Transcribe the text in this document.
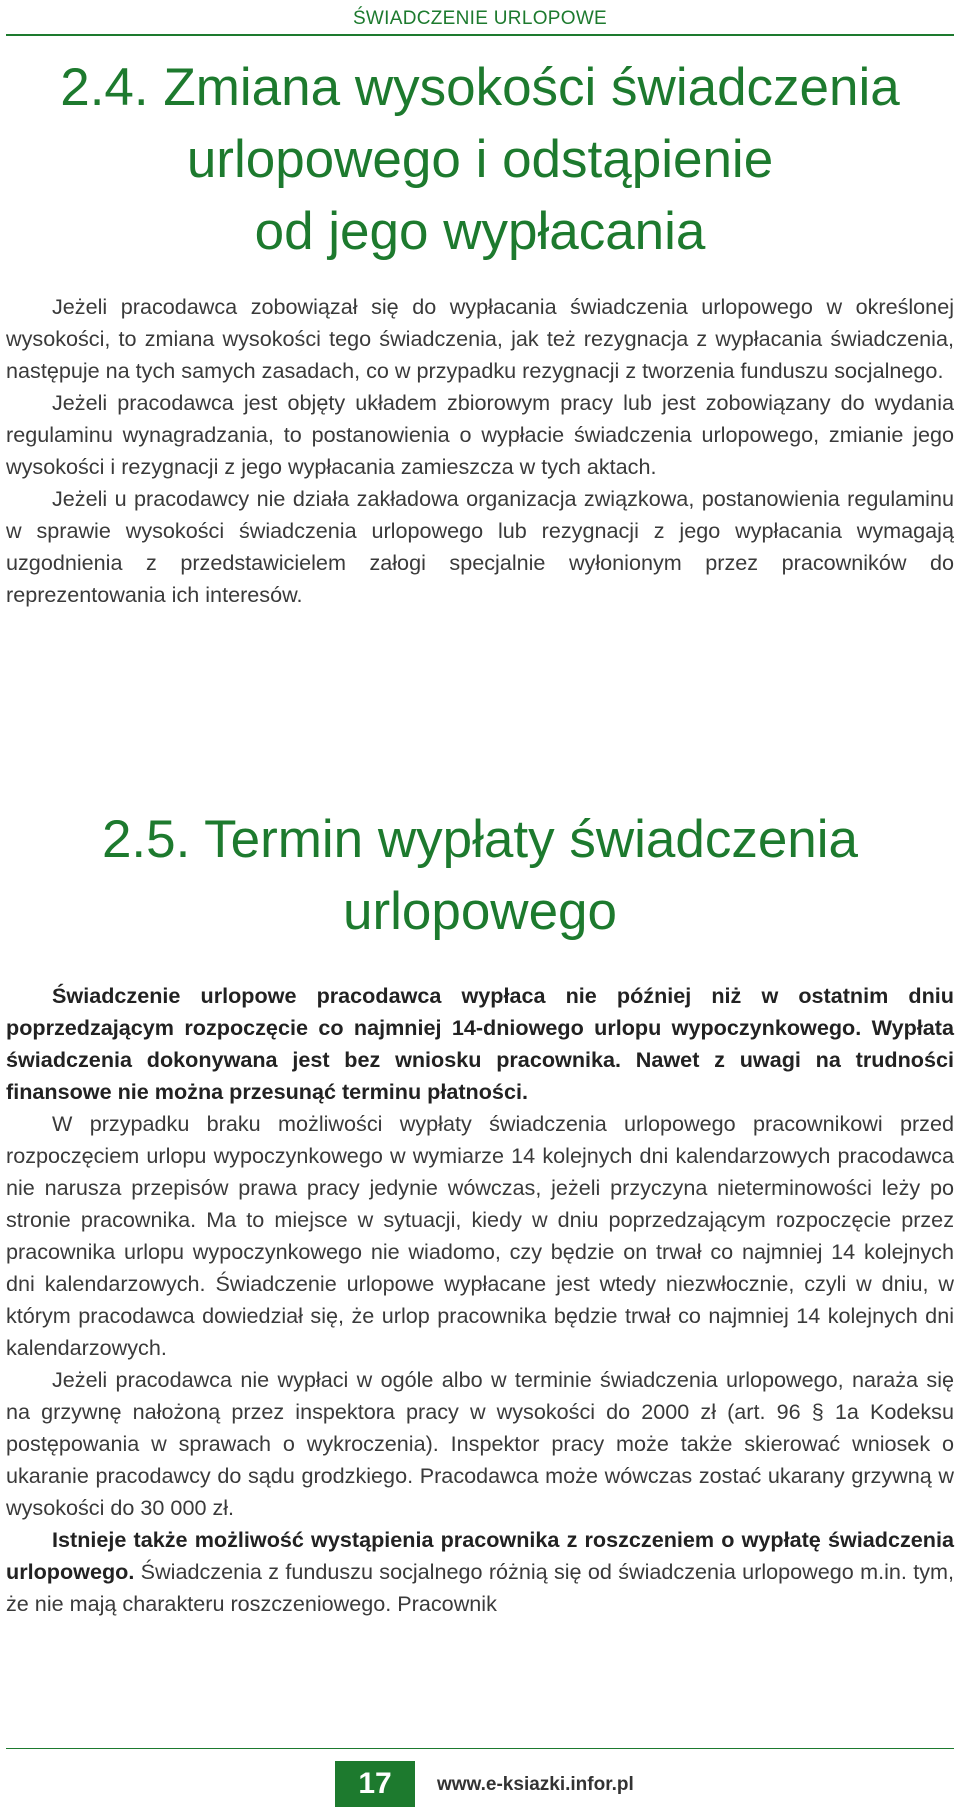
ŚWIADCZENIE URLOPOWE
2.4. Zmiana wysokości świadczenia
urlopowego i odstąpienie
od jego wypłacania

Jeżeli pracodawca zobowiązał się do wypłacania świadczenia urlopowego w określonej wysokości, to zmiana wysokości tego świadczenia, jak też rezygnacja z wypłacania świadczenia, następuje na tych samych zasadach, co w przypadku rezygnacji z tworzenia funduszu socjalnego.

Jeżeli pracodawca jest objęty układem zbiorowym pracy lub jest zobowiązany do wydania regulaminu wynagradzania, to postanowienia o wypłacie świadczenia urlopowego, zmianie jego wysokości i rezygnacji z jego wypłacania zamieszcza w tych aktach.

Jeżeli u pracodawcy nie działa zakładowa organizacja związkowa, postanowienia regulaminu w sprawie wysokości świadczenia urlopowego lub rezygnacji z jego wypłacania wymagają uzgodnienia z przedstawicielem załogi specjalnie wyłonionym przez pracowników do reprezentowania ich interesów.

2.5. Termin wypłaty świadczenia
urlopowego

Świadczenie urlopowe pracodawca wypłaca nie później niż w ostatnim dniu poprzedzającym rozpoczęcie co najmniej 14-dniowego urlopu wypoczynkowego. Wypłata świadczenia dokonywana jest bez wniosku pracownika. Nawet z uwagi na trudności finansowe nie można przesunąć terminu płatności.

W przypadku braku możliwości wypłaty świadczenia urlopowego pracownikowi przed rozpoczęciem urlopu wypoczynkowego w wymiarze 14 kolejnych dni kalendarzowych pracodawca nie narusza przepisów prawa pracy jedynie wówczas, jeżeli przyczyna nieterminowości leży po stronie pracownika. Ma to miejsce w sytuacji, kiedy w dniu poprzedzającym rozpoczęcie przez pracownika urlopu wypoczynkowego nie wiadomo, czy będzie on trwał co najmniej 14 kolejnych dni kalendarzowych. Świadczenie urlopowe wypłacane jest wtedy niezwłocznie, czyli w dniu, w którym pracodawca dowiedział się, że urlop pracownika będzie trwał co najmniej 14 kolejnych dni kalendarzowych.

Jeżeli pracodawca nie wypłaci w ogóle albo w terminie świadczenia urlopowego, naraża się na grzywnę nałożoną przez inspektora pracy w wysokości do 2000 zł (art. 96 § 1a Kodeksu postępowania w sprawach o wykroczenia). Inspektor pracy może także skierować wniosek o ukaranie pracodawcy do sądu grodzkiego. Pracodawca może wówczas zostać ukarany grzywną w wysokości do 30 000 zł.

Istnieje także możliwość wystąpienia pracownika z roszczeniem o wypłatę świadczenia urlopowego. Świadczenia z funduszu socjalnego różnią się od świadczenia urlopowego m.in. tym, że nie mają charakteru roszczeniowego. Pracownik

17	www.e-ksiazki.infor.pl
